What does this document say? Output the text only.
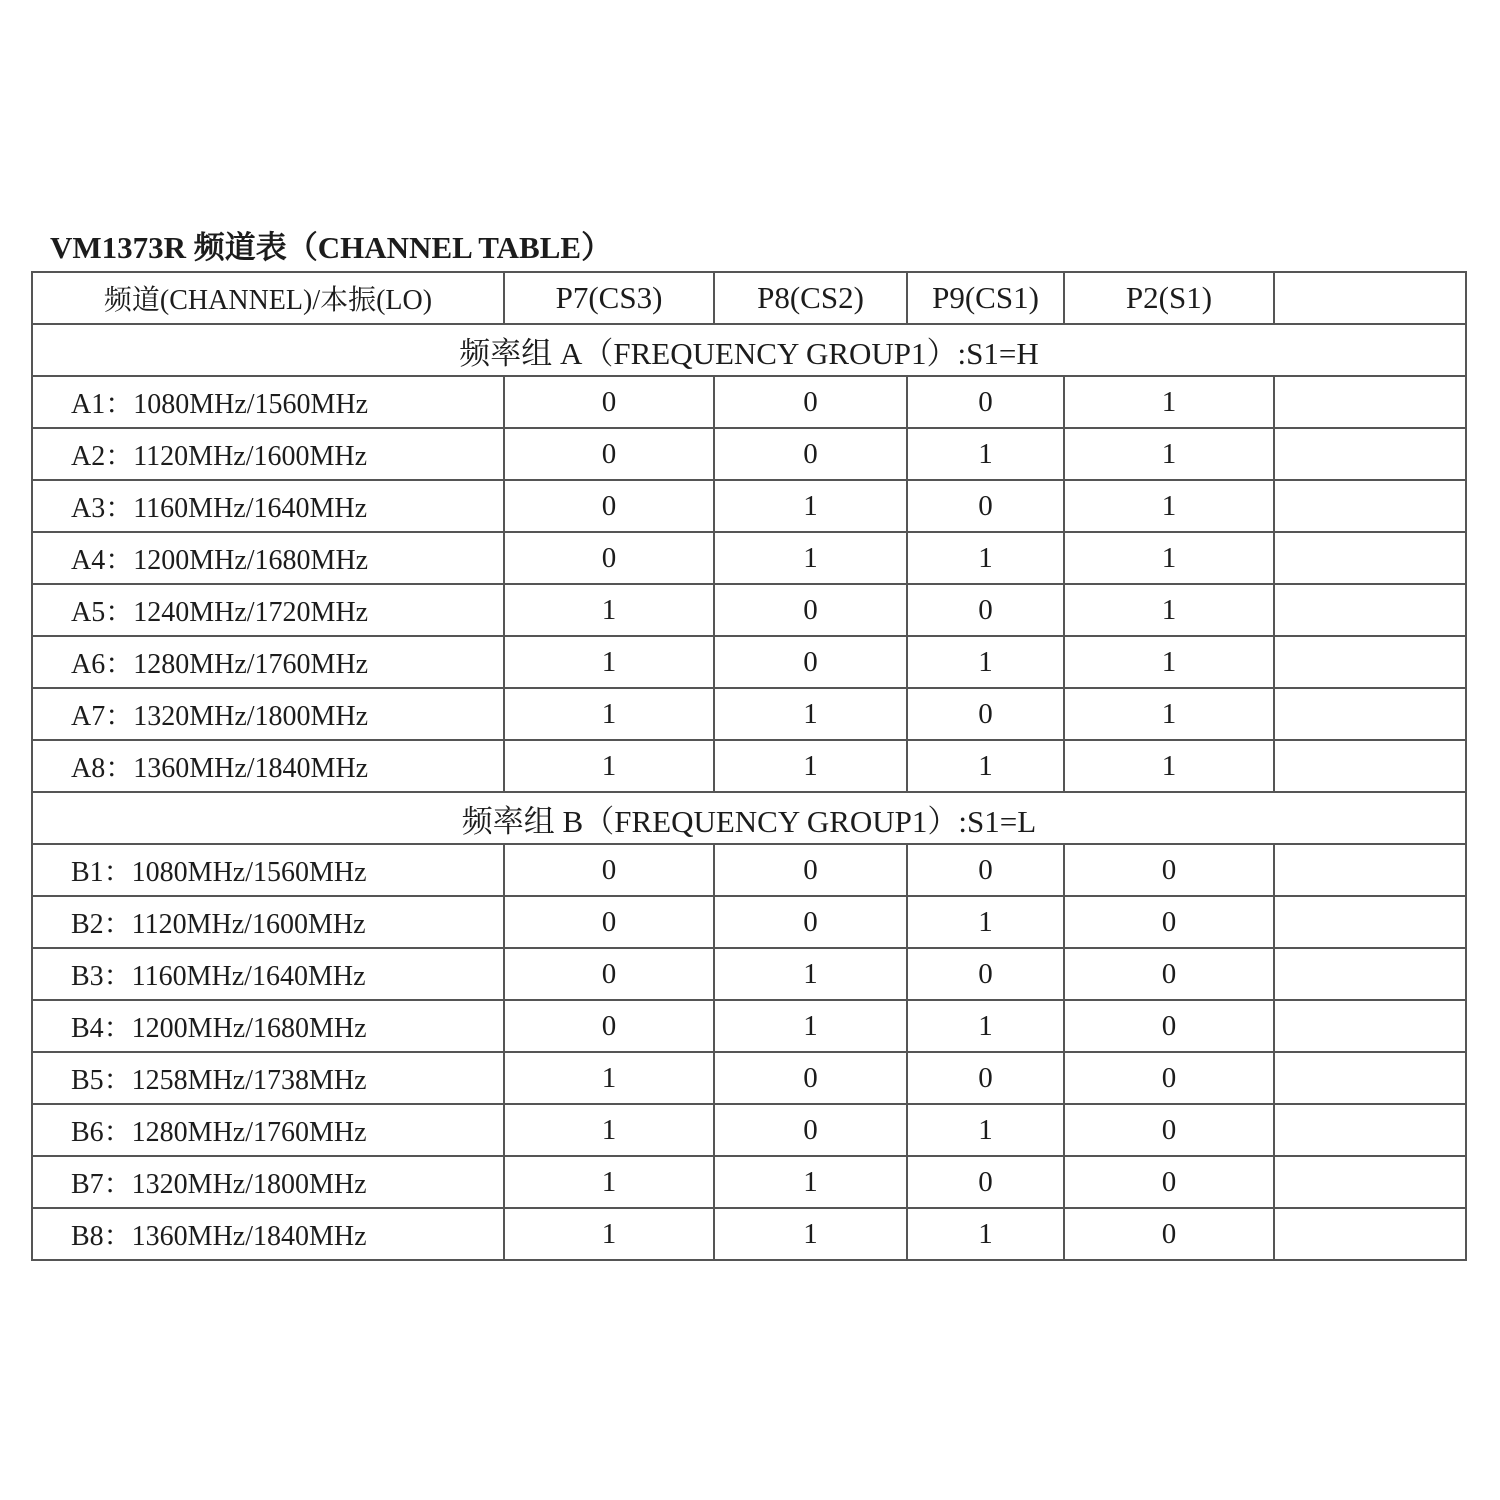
VM1373R 频道表（CHANNEL TABLE）
频道(CHANNEL)/本振(LO)	P7(CS3)	P8(CS2)	P9(CS1)	P2(S1)	
频率组 A（FREQUENCY GROUP1）:S1=H					
A1：1080MHz/1560MHz	0	0	0	1	
A2：1120MHz/1600MHz	0	0	1	1	
A3：1160MHz/1640MHz	0	1	0	1	
A4：1200MHz/1680MHz	0	1	1	1	
A5：1240MHz/1720MHz	1	0	0	1	
A6：1280MHz/1760MHz	1	0	1	1	
A7：1320MHz/1800MHz	1	1	0	1	
A8：1360MHz/1840MHz	1	1	1	1	
频率组 B（FREQUENCY GROUP1）:S1=L					
B1：1080MHz/1560MHz	0	0	0	0	
B2：1120MHz/1600MHz	0	0	1	0	
B3：1160MHz/1640MHz	0	1	0	0	
B4：1200MHz/1680MHz	0	1	1	0	
B5：1258MHz/1738MHz	1	0	0	0	
B6：1280MHz/1760MHz	1	0	1	0	
B7：1320MHz/1800MHz	1	1	0	0	
B8：1360MHz/1840MHz	1	1	1	0	
